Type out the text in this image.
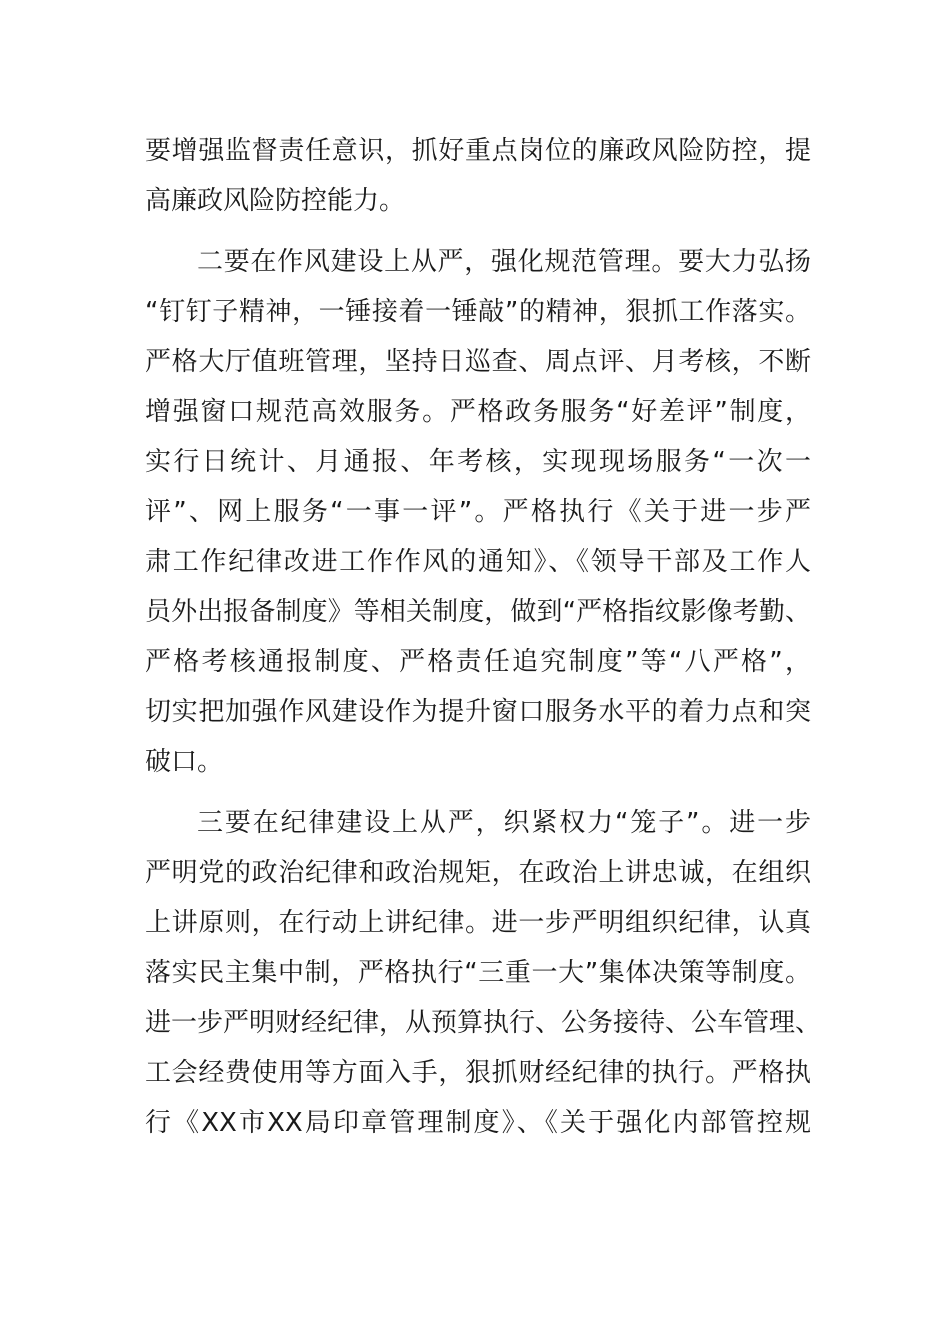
要增强监督责任意识，抓好重点岗位的廉政风险防控，提
高廉政风险防控能力。
二要在作风建设上从严，强化规范管理。要大力弘扬
“钉钉子精神，一锤接着一锤敲”的精神，狠抓工作落实。
严格大厅值班管理，坚持日巡查、周点评、月考核，不断
增强窗口规范高效服务。严格政务服务“好差评”制度，
实行日统计、月通报、年考核，实现现场服务“一次一
评”、网上服务“一事一评”。严格执行《关于进一步严
肃工作纪律改进工作作风的通知》、《领导干部及工作人
员外出报备制度》等相关制度，做到“严格指纹影像考勤、
严格考核通报制度、严格责任追究制度”等“八严格”，
切实把加强作风建设作为提升窗口服务水平的着力点和突
破口。
三要在纪律建设上从严，织紧权力“笼子”。进一步
严明党的政治纪律和政治规矩，在政治上讲忠诚，在组织
上讲原则，在行动上讲纪律。进一步严明组织纪律，认真
落实民主集中制，严格执行“三重一大”集体决策等制度。
进一步严明财经纪律，从预算执行、公务接待、公车管理、
工会经费使用等方面入手，狠抓财经纪律的执行。严格执
行《XX市XX局印章管理制度》、《关于强化内部管控规
